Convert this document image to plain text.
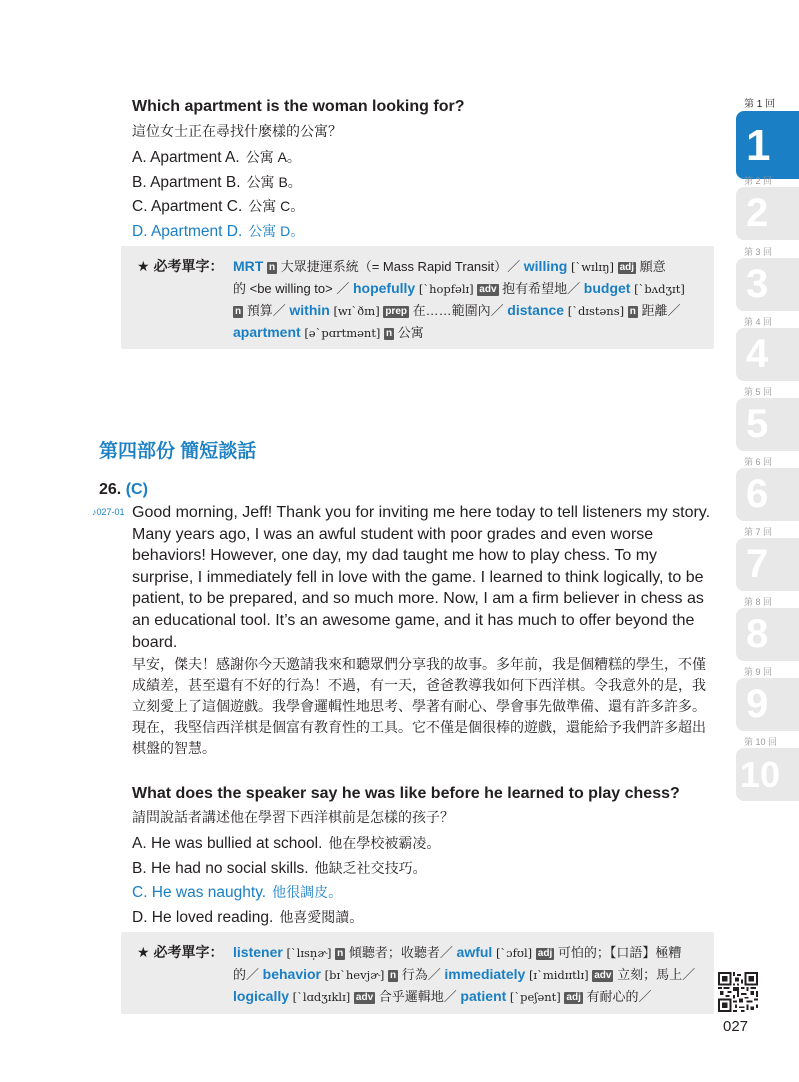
Which apartment is the woman looking for?
這位女士正在尋找什麼樣的公寓？
A. Apartment A. 公寓 A。
B. Apartment B. 公寓 B。
C. Apartment C. 公寓 C。
D. Apartment D. 公寓 D。
★ 必考單字： MRT n 大眾捷運系統（= Mass Rapid Transit）／ willing [ˋwɪlɪŋ] adj 願意
的 <be willing to> ／ hopefully [ˋhopfəlɪ] adv 抱有希望地／ budget [ˋbʌdʒɪt]
n 預算／ within [wɪˋðɪn] prep 在……範圍內／ distance [ˋdɪstəns] n 距離／
apartment [əˋpɑrtmənt] n 公寓
第四部份 簡短談話
26. (C)
♪027-01 Good morning, Jeff! Thank you for inviting me here today to tell listeners my story. Many years ago, I was an awful student with poor grades and even worse behaviors! However, one day, my dad taught me how to play chess. To my surprise, I immediately fell in love with the game. I learned to think logically, to be patient, to be prepared, and so much more. Now, I am a firm believer in chess as an educational tool. It’s an awesome game, and it has much to offer beyond the board.

早安，傑夫！感謝你今天邀請我來和聽眾們分享我的故事。多年前，我是個糟糕的學生，不僅成績差，甚至還有不好的行為！不過，有一天，爸爸教導我如何下西洋棋。令我意外的是，我立刻愛上了這個遊戲。我學會邏輯性地思考、學著有耐心、學會事先做準備、還有許多許多。現在，我堅信西洋棋是個富有教育性的工具。它不僅是個很棒的遊戲，還能給予我們許多超出棋盤的智慧。

What does the speaker say he was like before he learned to play chess?
請問說話者講述他在學習下西洋棋前是怎樣的孩子？
A. He was bullied at school. 他在學校被霸凌。
B. He had no social skills. 他缺乏社交技巧。
C. He was naughty. 他很調皮。
D. He loved reading. 他喜愛閱讀。
★ 必考單字： listener [ˋlɪsn̩ɚ] n 傾聽者；收聽者／ awful [ˋɔfʊl] adj 可怕的；【口語】極糟
的／ behavior [bɪˋhevjɚ] n 行為／ immediately [ɪˋmidɪɪtlɪ] adv 立刻；馬上／
logically [ˋlɑdʒɪklɪ] adv 合乎邏輯地／ patient [ˋpeʃənt] adj 有耐心的／
第 1 回
1
第 2 回
2
第 3 回
3
第 4 回
4
第 5 回
5
第 6 回
6
第 7 回
7
第 8 回
8
第 9 回
9
第 10 回
10
027
